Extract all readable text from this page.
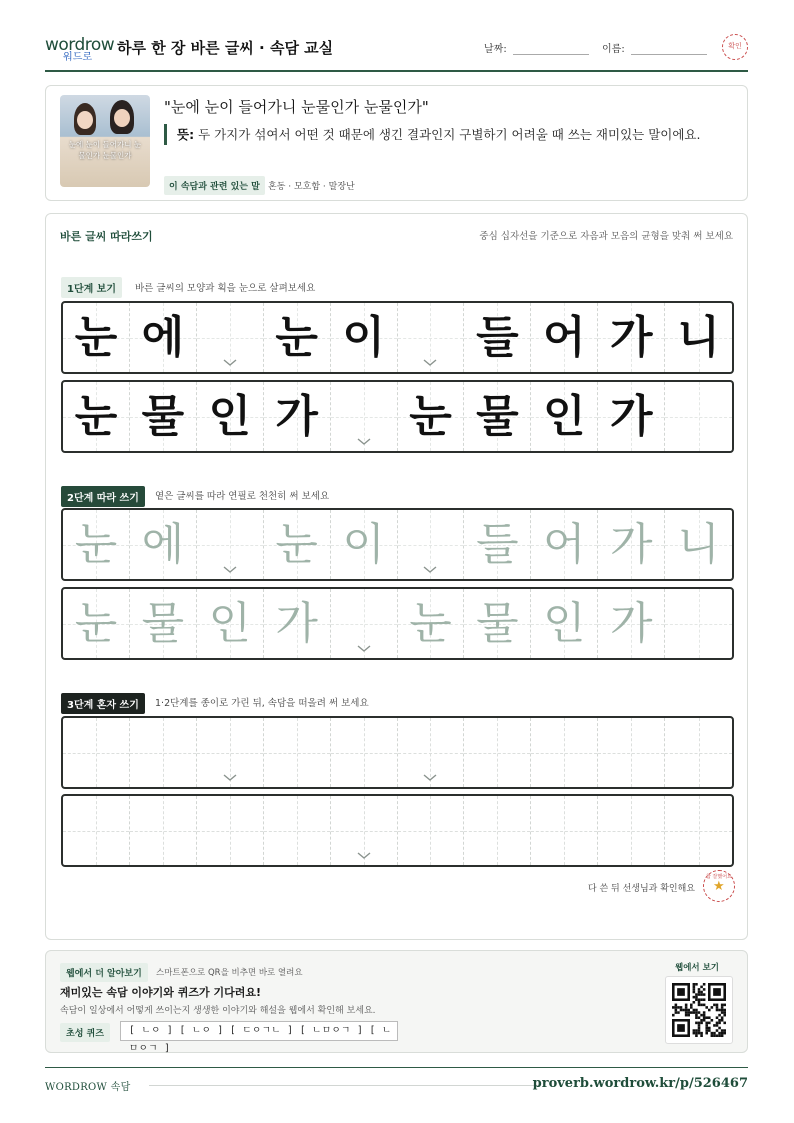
wordrow
워드로
하루 한 장 바른 글씨 · 속담 교실	날짜:	이름:	확인
눈에 눈이 들어가니 눈물인가 눈물인가
"눈에 눈이 들어가니 눈물인가 눈물인가"
뜻: 두 가지가 섞여서 어떤 것 때문에 생긴 결과인지 구별하기 어려울 때 쓰는 재미있는 말이에요.
이 속담과 관련 있는 말 혼동 · 모호함 · 말장난
바른 글씨 따라쓰기	중심 십자선을 기준으로 자음과 모음의 균형을 맞춰 써 보세요
1단계 보기	바른 글씨의 모양과 획을 눈으로 살펴보세요
눈 에 눈 이 들 어 가 니
눈 물 인 가 눈 물 인 가
2단계 따라 쓰기	옅은 글씨를 따라 연필로 천천히 써 보세요
눈 에 눈 이 들 어 가 니
눈 물 인 가 눈 물 인 가
3단계 혼자 쓰기	1·2단계를 종이로 가린 뒤, 속담을 떠올려 써 보세요
다 쓴 뒤 선생님과 확인해요
참 잘했어요
★
웹에서 더 알아보기	스마트폰으로 QR을 비추면 바로 열려요
재미있는 속담 이야기와 퀴즈가 기다려요!
속담이 일상에서 어떻게 쓰이는지 생생한 이야기와 해설을 웹에서 확인해 보세요.
초성 퀴즈	[ ㄴㅇ ] [ ㄴㅇ ] [ ㄷㅇㄱㄴ ] [ ㄴㅁㅇㄱ ] [ ㄴㅁㅇㄱ ]
웹에서 보기
WORDROW 속담	proverb.wordrow.kr/p/526467
